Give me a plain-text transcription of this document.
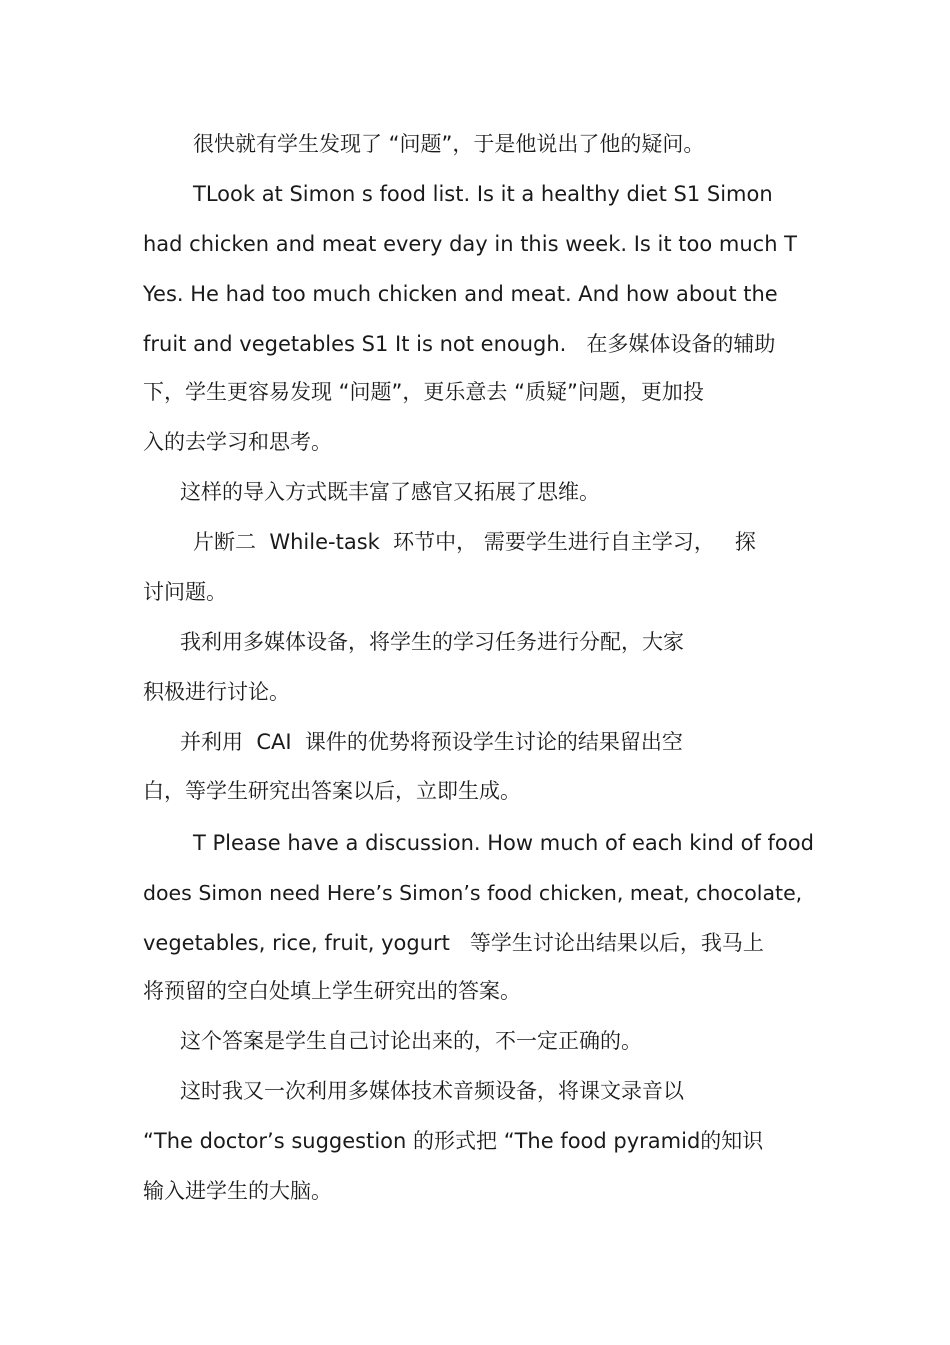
很快就有学生发现了 “问题”，于是他说出了他的疑问。
TLook at Simon s food list. Is it a healthy diet S1 Simon
had chicken and meat every day in this week. Is it too much T
Yes. He had too much chicken and meat. And how about the
fruit and vegetables S1 It is not enough.   在多媒体设备的辅助
下，学生更容易发现 “问题”，更乐意去 “质疑”问题，更加投
入的去学习和思考。
这样的导入方式既丰富了感官又拓展了思维。
片断二  While-task  环节中， 需要学生进行自主学习，   探
讨问题。
我利用多媒体设备，将学生的学习任务进行分配，大家
积极进行讨论。
并利用  CAI  课件的优势将预设学生讨论的结果留出空
白，等学生研究出答案以后，立即生成。
T Please have a discussion. How much of each kind of food
does Simon need Here’s Simon’s food chicken, meat, chocolate,
vegetables, rice, fruit, yogurt   等学生讨论出结果以后，我马上
将预留的空白处填上学生研究出的答案。
这个答案是学生自己讨论出来的，不一定正确的。
这时我又一次利用多媒体技术音频设备，将课文录音以
“The doctor’s suggestion 的形式把 “The food pyramid的知识
输入进学生的大脑。
